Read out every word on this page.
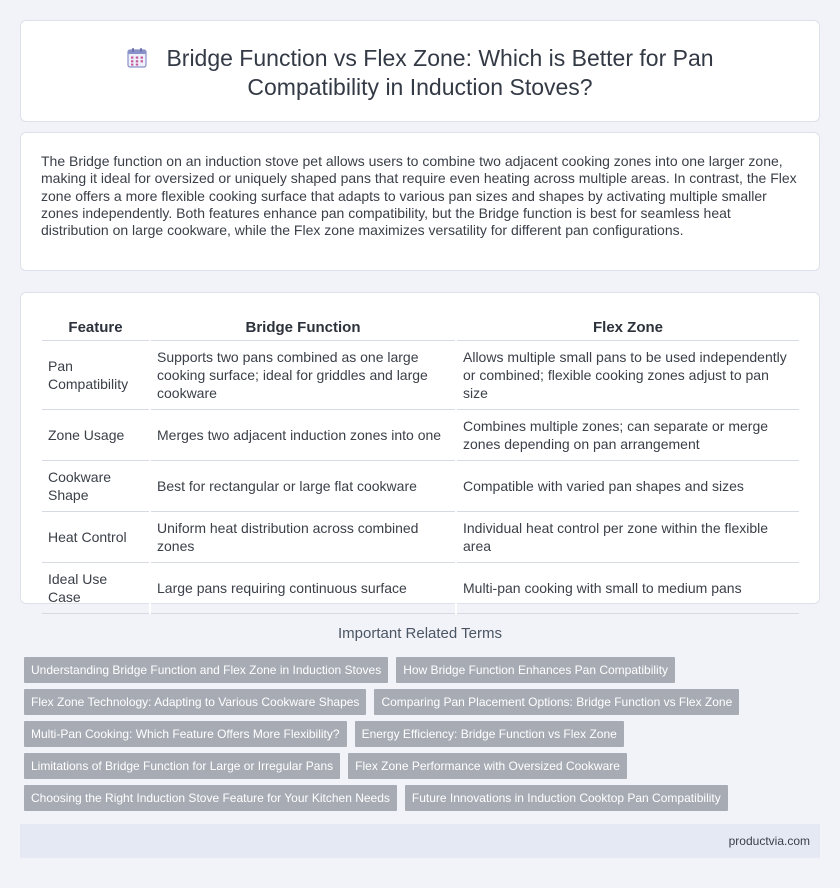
Bridge Function vs Flex Zone: Which is Better for Pan Compatibility in Induction Stoves?

The Bridge function on an induction stove pet allows users to combine two adjacent cooking zones into one larger zone, making it ideal for oversized or uniquely shaped pans that require even heating across multiple areas. In contrast, the Flex zone offers a more flexible cooking surface that adapts to various pan sizes and shapes by activating multiple smaller zones independently. Both features enhance pan compatibility, but the Bridge function is best for seamless heat distribution on large cookware, while the Flex zone maximizes versatility for different pan configurations.

Feature	Bridge Function	Flex Zone
Pan Compatibility	Supports two pans combined as one large cooking surface; ideal for griddles and large cookware	Allows multiple small pans to be used independently or combined; flexible cooking zones adjust to pan size
Zone Usage	Merges two adjacent induction zones into one	Combines multiple zones; can separate or merge zones depending on pan arrangement
Cookware Shape	Best for rectangular or large flat cookware	Compatible with varied pan shapes and sizes
Heat Control	Uniform heat distribution across combined zones	Individual heat control per zone within the flexible area
Ideal Use Case	Large pans requiring continuous surface	Multi-pan cooking with small to medium pans
Important Related Terms
Understanding Bridge Function and Flex Zone in Induction Stoves	How Bridge Function Enhances Pan Compatibility
Flex Zone Technology: Adapting to Various Cookware Shapes	Comparing Pan Placement Options: Bridge Function vs Flex Zone
Multi-Pan Cooking: Which Feature Offers More Flexibility?	Energy Efficiency: Bridge Function vs Flex Zone
Limitations of Bridge Function for Large or Irregular Pans	Flex Zone Performance with Oversized Cookware
Choosing the Right Induction Stove Feature for Your Kitchen Needs	Future Innovations in Induction Cooktop Pan Compatibility
productvia.com
